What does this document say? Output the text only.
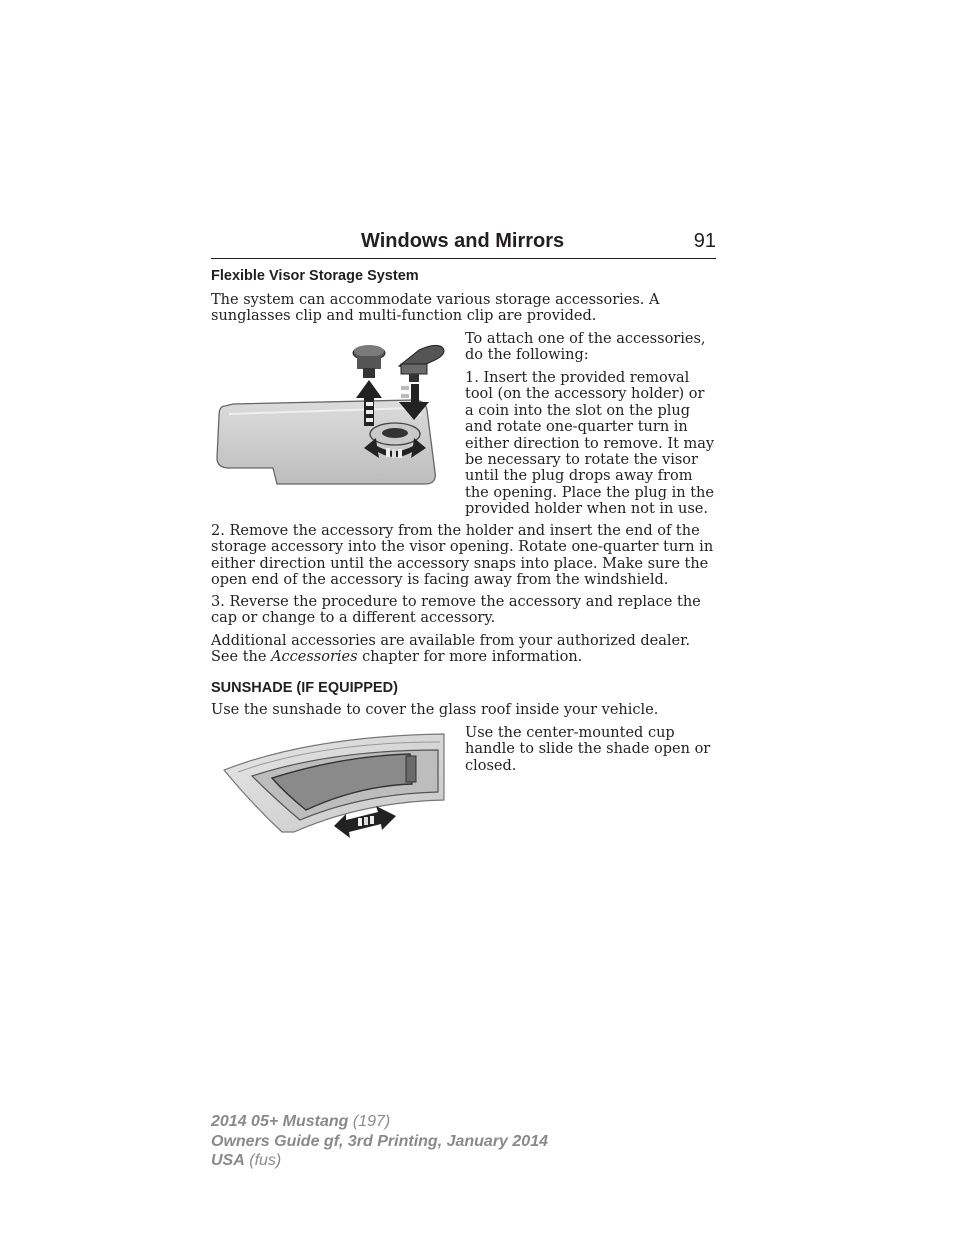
Windows and Mirrors	91
Flexible Visor Storage System

The system can accommodate various storage accessories. A sunglasses clip and multi-function clip are provided.

To attach one of the accessories, do the following:

1. Insert the provided removal tool (on the accessory holder) or a coin into the slot on the plug and rotate one-quarter turn in either direction to remove. It may be necessary to rotate the visor until the plug drops away from the opening. Place the plug in the provided holder when not in use.

2. Remove the accessory from the holder and insert the end of the storage accessory into the visor opening. Rotate one-quarter turn in either direction until the accessory snaps into place. Make sure the open end of the accessory is facing away from the windshield.

3. Reverse the procedure to remove the accessory and replace the cap or change to a different accessory.

Additional accessories are available from your authorized dealer. See the Accessories chapter for more information.

SUNSHADE (IF EQUIPPED)

Use the sunshade to cover the glass roof inside your vehicle.

Use the center-mounted cup handle to slide the shade open or closed.

2014 05+ Mustang (197)
Owners Guide gf, 3rd Printing, January 2014
USA (fus)
